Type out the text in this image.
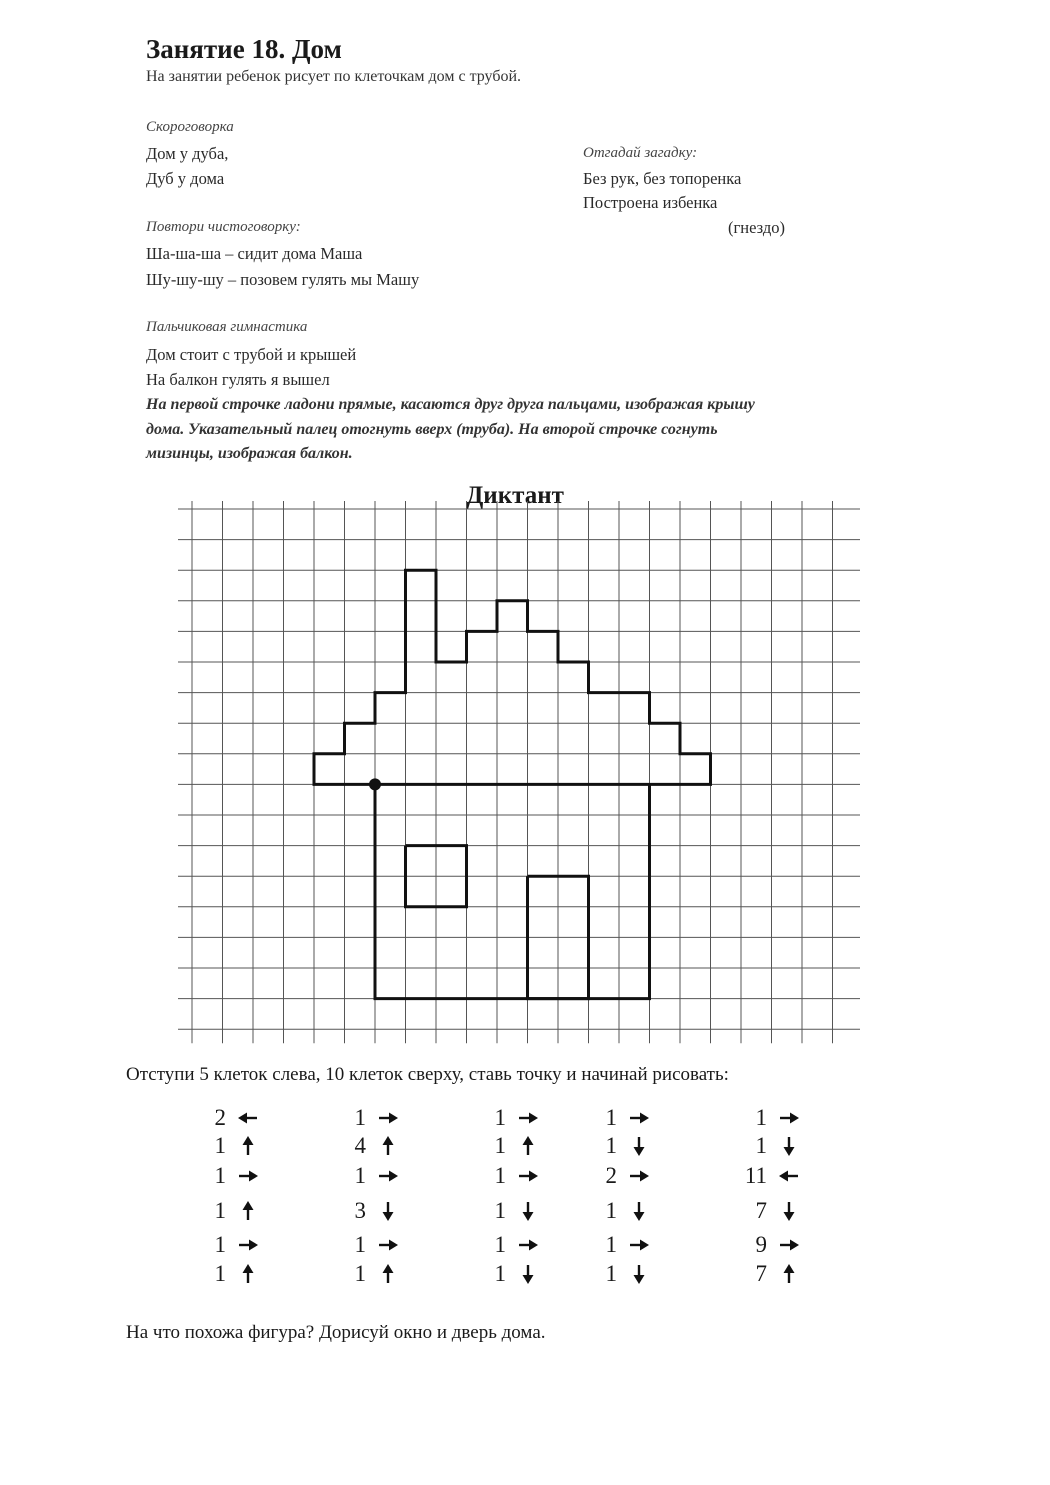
Занятие 18. Дом
На занятии ребенок рисует по клеточкам дом с трубой.
Скороговорка
Дом у дуба,
Дуб у дома
Отгадай загадку:
Без рук, без топоренка
Построена избенка
(гнездо)
Повтори чистоговорку:
Ша-ша-ша – сидит дома Маша
Шу-шу-шу – позовем гулять мы Машу
Пальчиковая гимнастика
Дом стоит с трубой и крышей
На балкон гулять я вышел
На первой строчке ладони прямые, касаются друг друга пальцами, изображая крышу
дома. Указательный палец отогнуть вверх (труба). На второй строчке согнуть
мизинцы, изображая балкон.
Диктант
Отступи 5 клеток слева, 10 клеток сверху, ставь точку и начинай рисовать:
2
1
1
1
1
1
1
4
1
3
1
1
1
1
1
1
1
1
1
1
2
1
1
1
1
1
11
7
9
7
На что похожа фигура? Дорисуй окно и дверь дома.
